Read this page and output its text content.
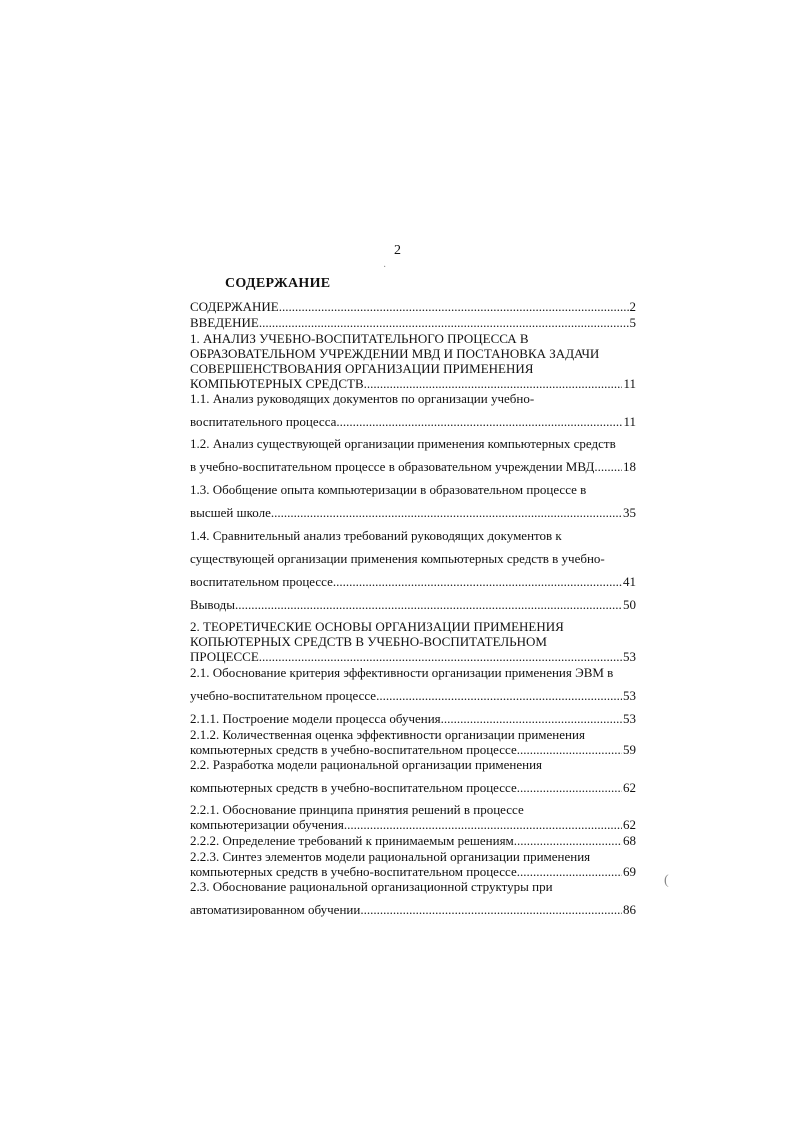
2
СОДЕРЖАНИЕ
СОДЕРЖАНИЕ .....	2
ВВЕДЕНИЕ .....	5
1. АНАЛИЗ УЧЕБНО-ВОСПИТАТЕЛЬНОГО ПРОЦЕССА В
ОБРАЗОВАТЕЛЬНОМ УЧРЕЖДЕНИИ МВД И ПОСТАНОВКА ЗАДАЧИ
СОВЕРШЕНСТВОВАНИЯ ОРГАНИЗАЦИИ ПРИМЕНЕНИЯ
КОМПЬЮТЕРНЫХ СРЕДСТВ .....	11
1.1. Анализ руководящих документов по организации учебно-
воспитательного процесса .....	11
1.2. Анализ существующей организации применения компьютерных средств
в учебно-воспитательном процессе в образовательном учреждении МВД ..... 18
1.3. Обобщение опыта компьютеризации в образовательном процессе в
высшей школе .....	35
1.4. Сравнительный анализ требований руководящих документов к
существующей организации применения компьютерных средств в учебно-
воспитательном процессе. .....	41
Выводы .....	50
2. ТЕОРЕТИЧЕСКИЕ ОСНОВЫ ОРГАНИЗАЦИИ ПРИМЕНЕНИЯ
КОПЬЮТЕРНЫХ СРЕДСТВ В УЧЕБНО-ВОСПИТАТЕЛЬНОМ
ПРОЦЕССЕ .....	53
2.1. Обоснование критерия эффективности организации применения ЭВМ в
учебно-воспитательном процессе .....	53
2.1.1. Построение модели процесса обучения .....	53
2.1.2. Количественная оценка эффективности организации применения
компьютерных средств в учебно-воспитательном процессе .....	59
2.2. Разработка модели рациональной организации применения
компьютерных средств в учебно-воспитательном процессе .....	62
2.2.1. Обоснование принципа принятия решений в процессе
компьютеризации обучения .....	62
2.2.2. Определение требований к принимаемым решениям .....	68
2.2.3. Синтез элементов модели рациональной организации применения
компьютерных средств в учебно-воспитательном процессе .....	69
2.3. Обоснование рациональной организационной структуры при
автоматизированном обучении .....	86
·
(
